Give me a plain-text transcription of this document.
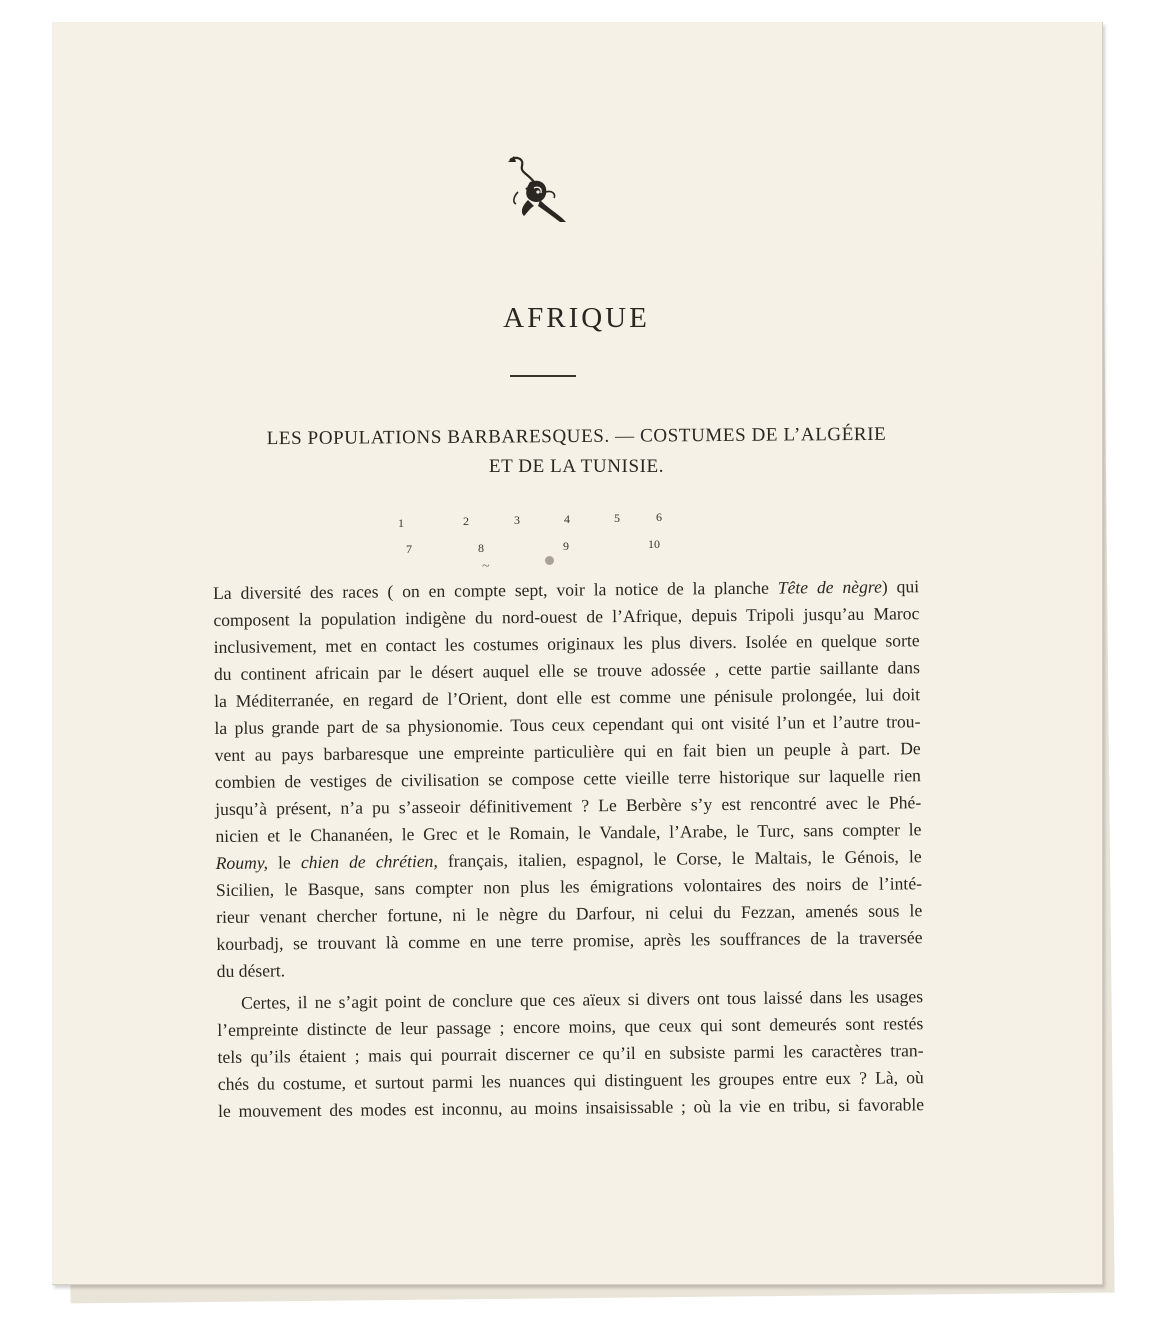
AFRIQUE
LES POPULATIONS BARBARESQUES. — COSTUMES DE L’ALGÉRIE
ET DE LA TUNISIE.
1	2	3	4	5	6
7	8	9	10
~
La diversité des races ( on en compte sept, voir la notice de la planche Tête de nègre) qui
composent la population indigène du nord-ouest de l’Afrique, depuis Tripoli jusqu’au Maroc
inclusivement, met en contact les costumes originaux les plus divers. Isolée en quelque sorte
du continent africain par le désert auquel elle se trouve adossée , cette partie saillante dans
la Méditerranée, en regard de l’Orient, dont elle est comme une pénisule prolongée, lui doit
la plus grande part de sa physionomie. Tous ceux cependant qui ont visité l’un et l’autre trou-
vent au pays barbaresque une empreinte particulière qui en fait bien un peuple à part. De
combien de vestiges de civilisation se compose cette vieille terre historique sur laquelle rien
jusqu’à présent, n’a pu s’asseoir définitivement ? Le Berbère s’y est rencontré avec le Phé-
nicien et le Chananéen, le Grec et le Romain, le Vandale, l’Arabe, le Turc, sans compter le
Roumy, le chien de chrétien, français, italien, espagnol, le Corse, le Maltais, le Génois, le
Sicilien, le Basque, sans compter non plus les émigrations volontaires des noirs de l’inté-
rieur venant chercher fortune, ni le nègre du Darfour, ni celui du Fezzan, amenés sous le
kourbadj, se trouvant là comme en une terre promise, après les souffrances de la traversée
du désert.
Certes, il ne s’agit point de conclure que ces aïeux si divers ont tous laissé dans les usages
l’empreinte distincte de leur passage ; encore moins, que ceux qui sont demeurés sont restés
tels qu’ils étaient ; mais qui pourrait discerner ce qu’il en subsiste parmi les caractères tran-
chés du costume, et surtout parmi les nuances qui distinguent les groupes entre eux ? Là, où
le mouvement des modes est inconnu, au moins insaisissable ; où la vie en tribu, si favorable
